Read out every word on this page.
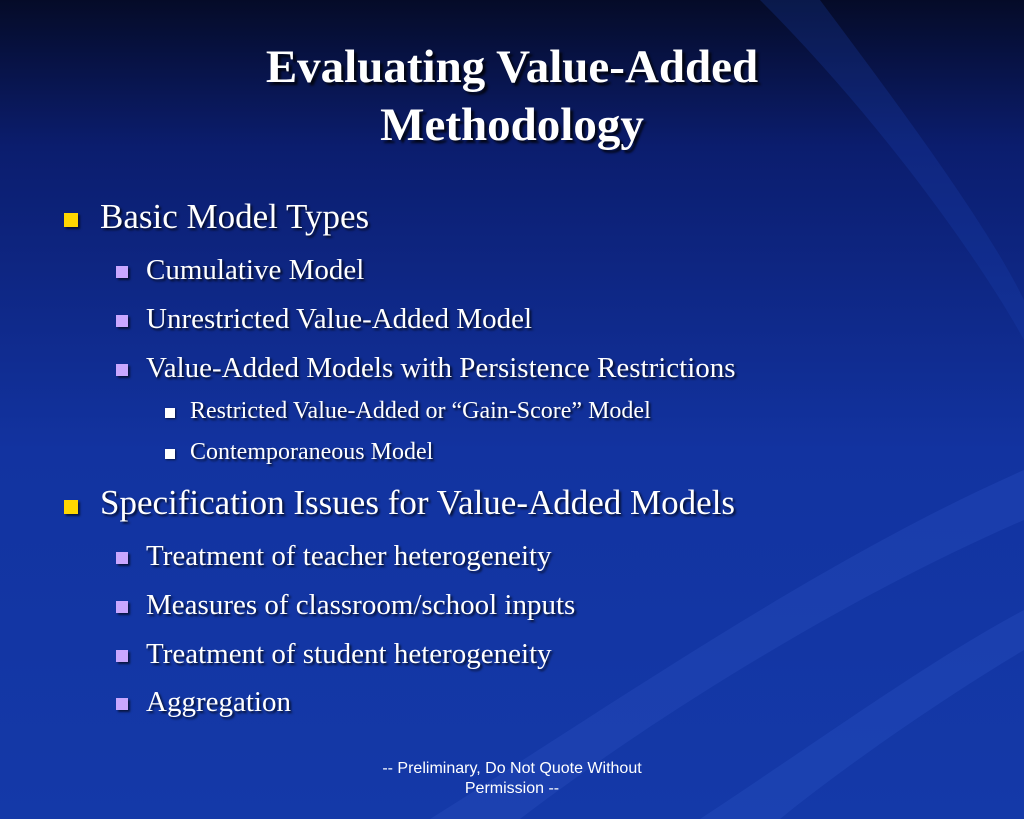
Evaluating Value-Added
Methodology
Basic Model Types
Cumulative Model
Unrestricted Value-Added Model
Value-Added Models with Persistence Restrictions
Restricted Value-Added or “Gain-Score” Model
Contemporaneous Model
Specification Issues for Value-Added Models
Treatment of teacher heterogeneity
Measures of classroom/school inputs
Treatment of student heterogeneity
Aggregation
-- Preliminary, Do Not Quote Without
Permission --
